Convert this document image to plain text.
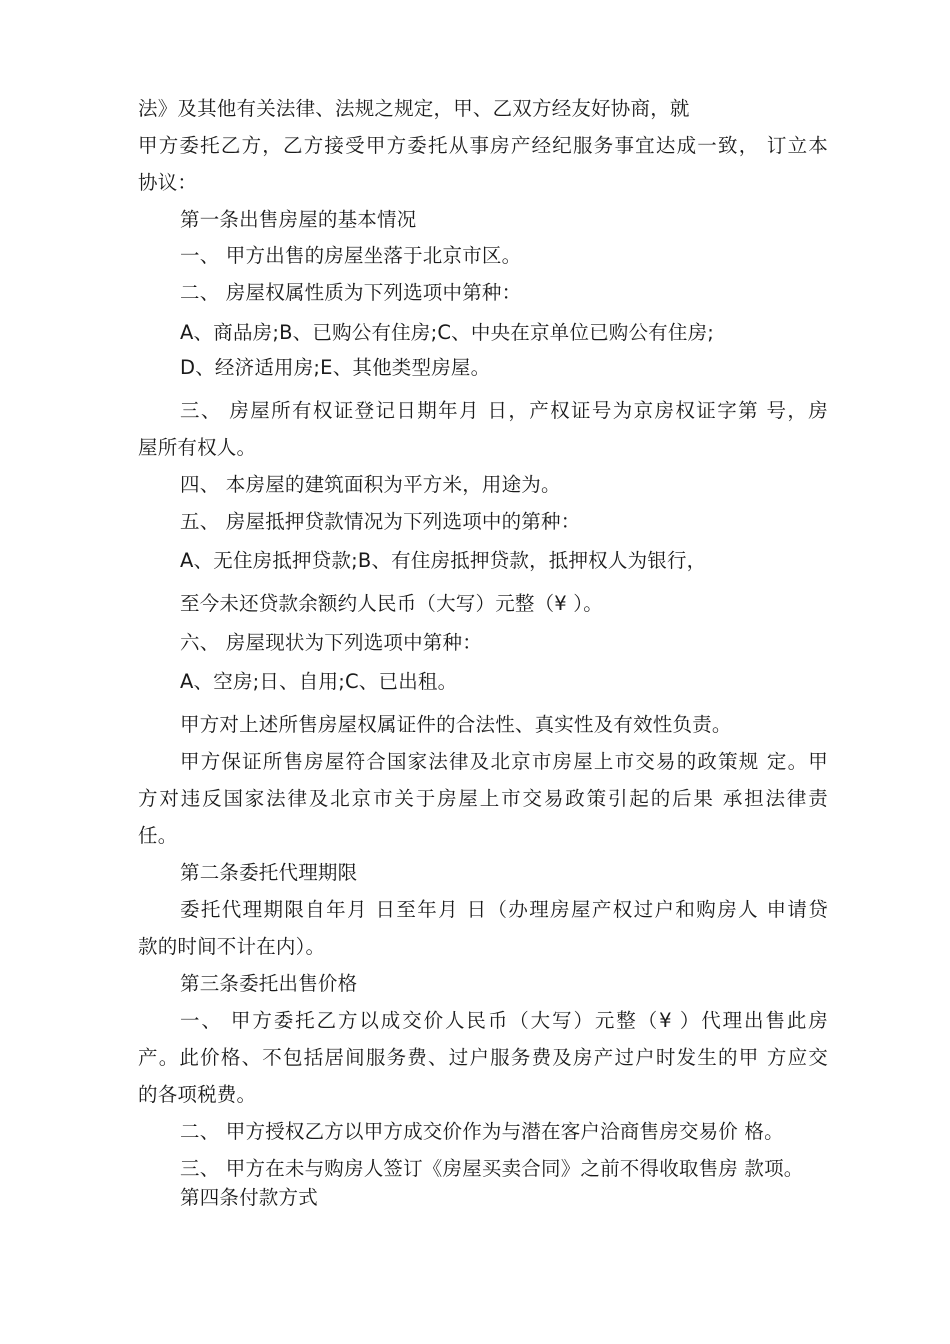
法》及其他有关法律、法规之规定，甲、乙双方经友好协商，就
甲方委托乙方，乙方接受甲方委托从事房产经纪服务事宜达成一致， 订立本
协议：
第一条出售房屋的基本情况
一、 甲方出售的房屋坐落于北京市区。
二、 房屋权属性质为下列选项中第种：
A、商品房;B、已购公有住房;C、中央在京单位已购公有住房;
D、经济适用房;E、其他类型房屋。
三、 房屋所有权证登记日期年月 日，产权证号为京房权证字第 号，房
屋所有权人。
四、 本房屋的建筑面积为平方米，用途为。
五、 房屋抵押贷款情况为下列选项中的第种：
A、无住房抵押贷款;B、有住房抵押贷款，抵押权人为银行，
至今未还贷款余额约人民币（大写）元整（¥ ）。
六、 房屋现状为下列选项中第种：
A、空房;日、自用;C、已出租。
甲方对上述所售房屋权属证件的合法性、真实性及有效性负责。
甲方保证所售房屋符合国家法律及北京市房屋上市交易的政策规 定。甲
方对违反国家法律及北京市关于房屋上市交易政策引起的后果 承担法律责
任。
第二条委托代理期限
委托代理期限自年月 日至年月 日（办理房屋产权过户和购房人 申请贷
款的时间不计在内）。
第三条委托出售价格
一、 甲方委托乙方以成交价人民币（大写）元整（¥ ）代理出售此房
产。此价格、不包括居间服务费、过户服务费及房产过户时发生的甲 方应交
的各项税费。
二、 甲方授权乙方以甲方成交价作为与潜在客户洽商售房交易价 格。
三、 甲方在未与购房人签订《房屋买卖合同》之前不得收取售房 款项。
第四条付款方式
